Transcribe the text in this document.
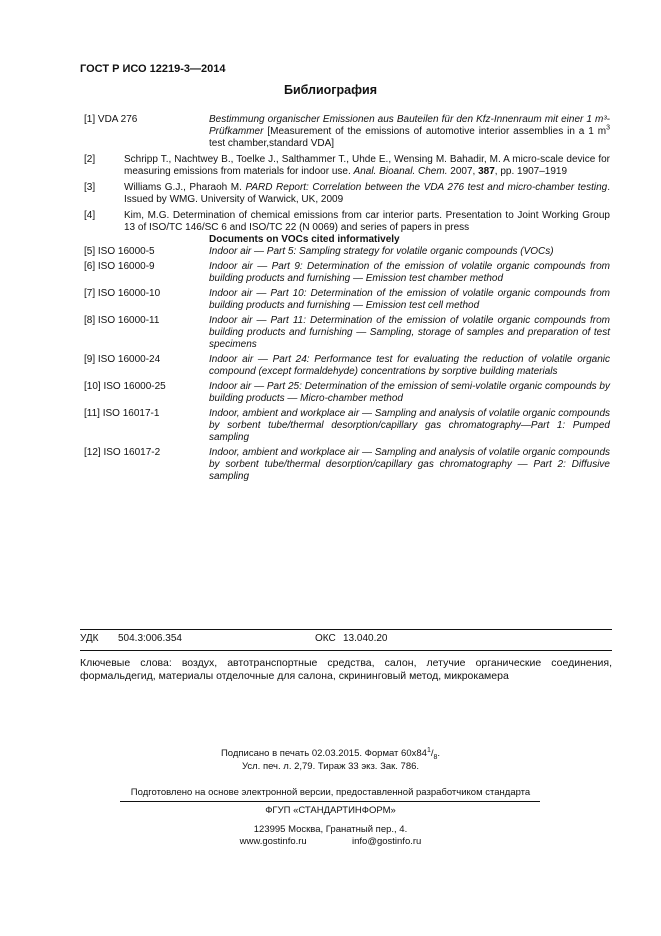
ГОСТ Р ИСО 12219-3—2014
Библиография
[1] VDA 276	Bestimmung organischer Emissionen aus Bauteilen für den Kfz-Innenraum mit einer 1 m³- Prüfkammer [Measurement of the emissions of automotive interior assemblies in a 1 $m^3$ test chamber,standard VDA]
[2]	Schripp T., Nachtwey B., Toelke J., Salthammer T., Uhde E., Wensing M. Bahadir, M. A micro-scale device for measuring emissions from materials for indoor use. Anal. Bioanal. Chem. 2007, 387, pp. 1907–1919
[3]	Williams G.J., Pharaoh M. PARD Report: Correlation between the VDA 276 test and micro-chamber testing. Issued by WMG. University of Warwick, UK, 2009
[4]	Kim, M.G. Determination of chemical emissions from car interior parts. Presentation to Joint Working Group 13 of ISO/TC 146/SC 6 and ISO/TC 22 (N 0069) and series of papers in press
Documents on VOCs cited informatively
[5] ISO 16000-5	Indoor air — Part 5: Sampling strategy for volatile organic compounds (VOCs)
[6] ISO 16000-9	Indoor air — Part 9: Determination of the emission of volatile organic compounds from building products and furnishing — Emission test chamber method
[7] ISO 16000-10	Indoor air — Part 10: Determination of the emission of volatile organic compounds from building products and furnishing — Emission test cell method
[8] ISO 16000-11	Indoor air — Part 11: Determination of the emission of volatile organic compounds from building products and furnishing — Sampling, storage of samples and preparation of test specimens
[9] ISO 16000-24	Indoor air — Part 24: Performance test for evaluating the reduction of volatile organic compound (except formaldehyde) concentrations by sorptive building materials
[10] ISO 16000-25	Indoor air — Part 25: Determination of the emission of semi-volatile organic compounds by building products — Micro-chamber method
[11] ISO 16017-1	Indoor, ambient and workplace air — Sampling and analysis of volatile organic compounds by sorbent tube/thermal desorption/capillary gas chromatography—Part 1: Pumped sampling
[12] ISO 16017-2	Indoor, ambient and workplace air — Sampling and analysis of volatile organic compounds by sorbent tube/thermal desorption/capillary gas chromatography — Part 2: Diffusive sampling
УДК 504.3:006.354	ОКС 13.040.20
Ключевые слова: воздух, автотранспортные средства, салон, летучие органические соединения, формальдегид, материалы отделочные для салона, скрининговый метод, микрокамера
Подписано в печать 02.03.2015. Формат $60x84^1/_8$.
Усл. печ. л. 2,79. Тираж 33 экз. Зак. 786.
Подготовлено на основе электронной версии, предоставленной разработчиком стандарта
ФГУП «СТАНДАРТИНФОРМ»
123995 Москва, Гранатный пер., 4.
www.gostinfo.ru	info@gostinfo.ru
